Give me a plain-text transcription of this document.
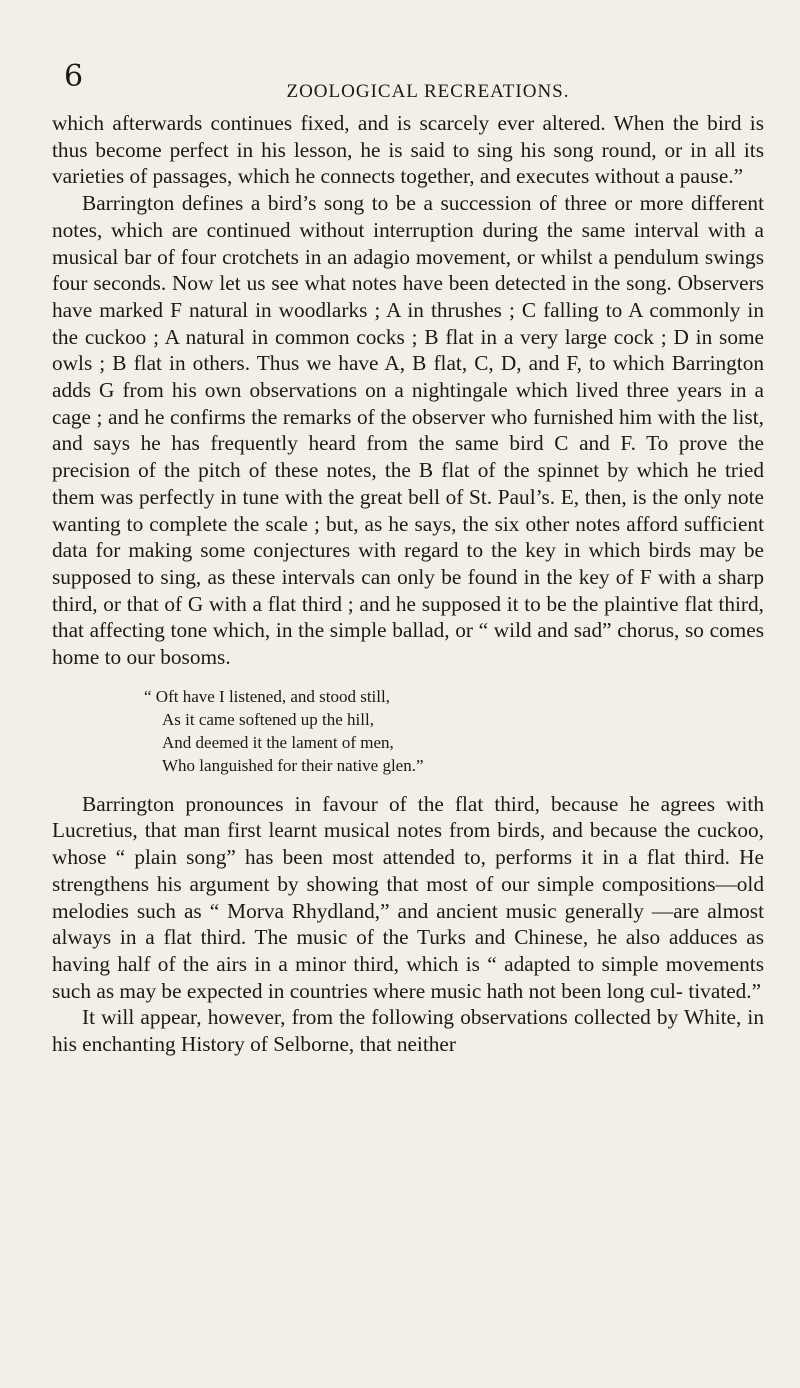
6	ZOOLOGICAL RECREATIONS.

which afterwards continues fixed, and is scarcely ever altered. When the bird is thus become perfect in his lesson, he is said to sing his song round, or in all its varieties of passages, which he connects together, and executes without a pause.”

Barrington defines a bird’s song to be a succession of three or more different notes, which are continued without interruption during the same interval with a musical bar of four crotchets in an adagio movement, or whilst a pendulum swings four seconds. Now let us see what notes have been detected in the song. Observers have marked F natural in woodlarks ; A in thrushes ; C falling to A commonly in the cuckoo ; A natural in common cocks ; B flat in a very large cock ; D in some owls ; B flat in others. Thus we have A, B flat, C, D, and F, to which Barrington adds G from his own observations on a nightingale which lived three years in a cage ; and he confirms the remarks of the observer who furnished him with the list, and says he has frequently heard from the same bird C and F. To prove the precision of the pitch of these notes, the B flat of the spinnet by which he tried them was perfectly in tune with the great bell of St. Paul’s. E, then, is the only note wanting to complete the scale ; but, as he says, the six other notes afford sufficient data for making some conjectures with regard to the key in which birds may be supposed to sing, as these intervals can only be found in the key of F with a sharp third, or that of G with a flat third ; and he supposed it to be the plaintive flat third, that affecting tone which, in the simple ballad, or “ wild and sad” chorus, so comes home to our bosoms.

“ Oft have I listened, and stood still,
As it came softened up the hill,
And deemed it the lament of men,
Who languished for their native glen.”

Barrington pronounces in favour of the flat third, because he agrees with Lucretius, that man first learnt musical notes from birds, and because the cuckoo, whose “ plain song” has been most attended to, performs it in a flat third. He strengthens his argument by showing that most of our simple compositions—old melodies such as “ Morva Rhydland,” and ancient music generally —are almost always in a flat third. The music of the Turks and Chinese, he also adduces as having half of the airs in a minor third, which is “ adapted to simple movements such as may be expected in countries where music hath not been long cul- tivated.”

It will appear, however, from the following observations collected by White, in his enchanting History of Selborne, that neither
